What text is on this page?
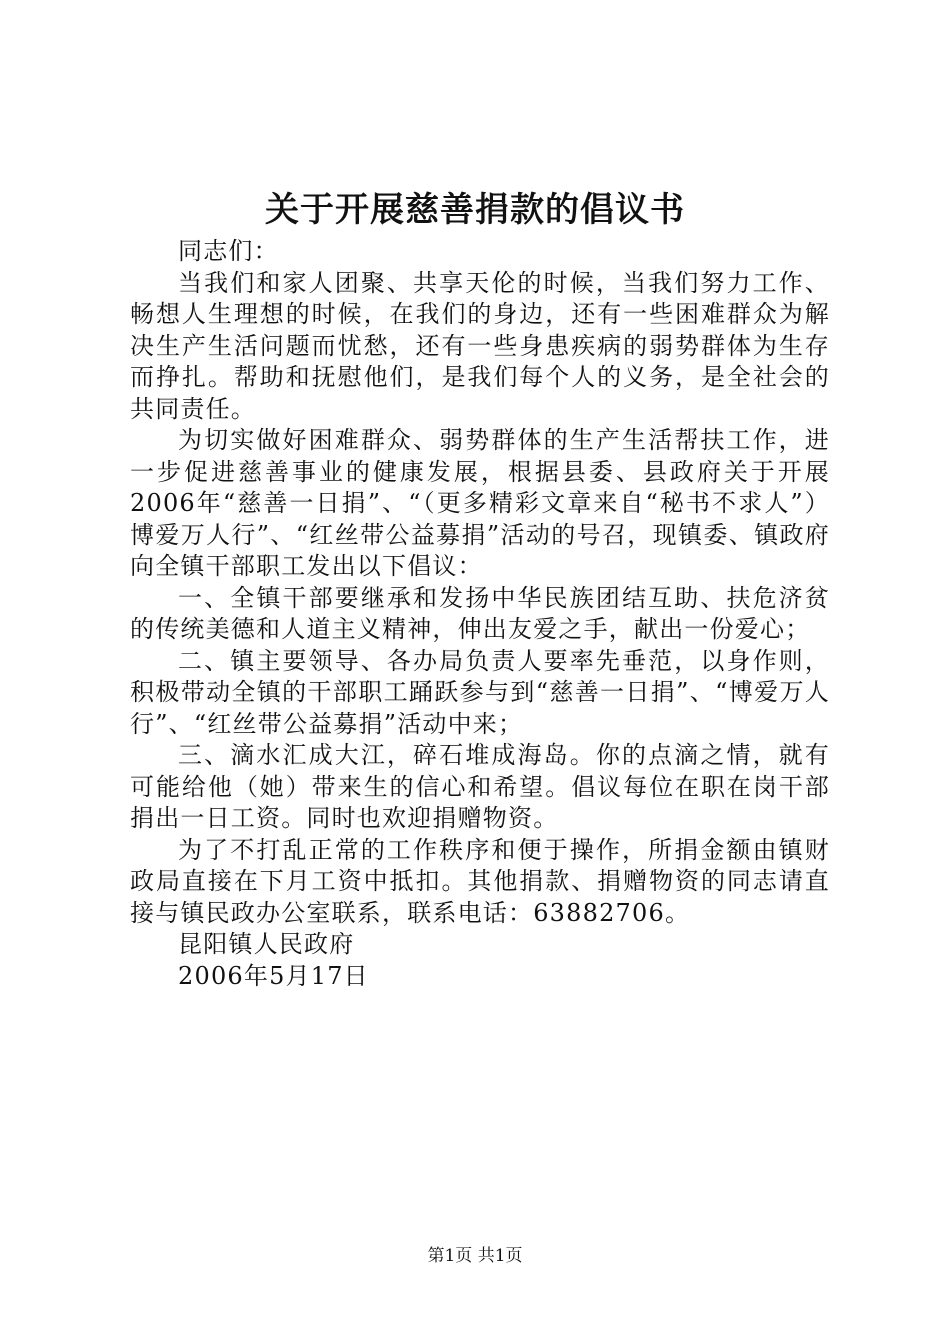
关于开展慈善捐款的倡议书

同志们：

当我们和家人团聚、共享天伦的时候，当我们努力工作、畅想人生理想的时候，在我们的身边，还有一些困难群众为解决生产生活问题而忧愁，还有一些身患疾病的弱势群体为生存而挣扎。帮助和抚慰他们，是我们每个人的义务，是全社会的共同责任。

为切实做好困难群众、弱势群体的生产生活帮扶工作，进一步促进慈善事业的健康发展，根据县委、县政府关于开展2006年“慈善一日捐”、“（更多精彩文章来自“秘书不求人”）博爱万人行”、“红丝带公益募捐”活动的号召，现镇委、镇政府向全镇干部职工发出以下倡议：

一、全镇干部要继承和发扬中华民族团结互助、扶危济贫的传统美德和人道主义精神，伸出友爱之手，献出一份爱心；

二、镇主要领导、各办局负责人要率先垂范，以身作则，积极带动全镇的干部职工踊跃参与到“慈善一日捐”、“博爱万人行”、“红丝带公益募捐”活动中来；

三、滴水汇成大江，碎石堆成海岛。你的点滴之情，就有可能给他（她）带来生的信心和希望。倡议每位在职在岗干部捐出一日工资。同时也欢迎捐赠物资。

为了不打乱正常的工作秩序和便于操作，所捐金额由镇财政局直接在下月工资中抵扣。其他捐款、捐赠物资的同志请直接与镇民政办公室联系，联系电话：63882706。

昆阳镇人民政府

2006年5月17日

第1页 共1页
